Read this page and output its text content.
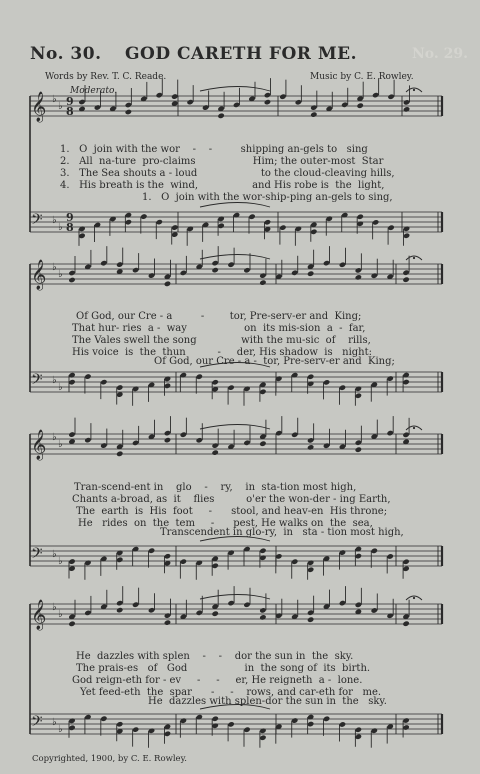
No. 30. GOD CARETH FOR ME.	No. 29.
Words by Rev. T. C. Reade.	Music by C. E. Rowley.
Moderato.
𝄞 ♭
♭ 9
8
𝄢 ♭
♭
9
8
𝄞 ♭
♭
𝄢 ♭
♭
𝄞 ♭
♭
𝄢 ♭
♭
𝄞 ♭
♭
𝄢 ♭
♭
1.   O  join with the wor    -    -         shipping an-gels to   sing
2.   All  na-ture  pro-claims                  Him; the outer-most  Star
3.   The Sea shouts a - loud                    to the cloud-cleaving hills,
4.   His breath is the  wind,                 and His robe is  the  light,
1.   O  join with the wor-ship-ping an-gels to sing,
Of God, our Cre - a         -        tor, Pre-serv-er and  King;
That hur- ries  a -  way                  on  its mis-sion  a  -  far,
The Vales swell the song              with the mu-sic  of    rills,
His voice  is  the  thun          -     der, His shadow  is   night:
Of God, our Cre - a -  tor, Pre-serv-er and  King;
Tran-scend-ent in    glo    -    ry,    in  sta-tion most high,
Chants a-broad, as  it    flies          o'er the won-der - ing Earth,
The  earth  is  His  foot     -      stool, and heav-en  His throne;
He   rides  on  the  tem     -      pest, He walks on  the  sea,
Transcendent in glo-ry,  in   sta - tion most high,
He  dazzles with splen    -    -    dor the sun in  the  sky.
The prais-es   of   God                  in  the song of  its  birth.
God reign-eth for - ev     -     -     er, He reigneth  a -  lone.
Yet feed-eth  the  spar      -     -    rows, and car-eth for   me.
He  dazzles with splen-dor the sun in  the   sky.
Copyrighted, 1900, by C. E. Rowley.
